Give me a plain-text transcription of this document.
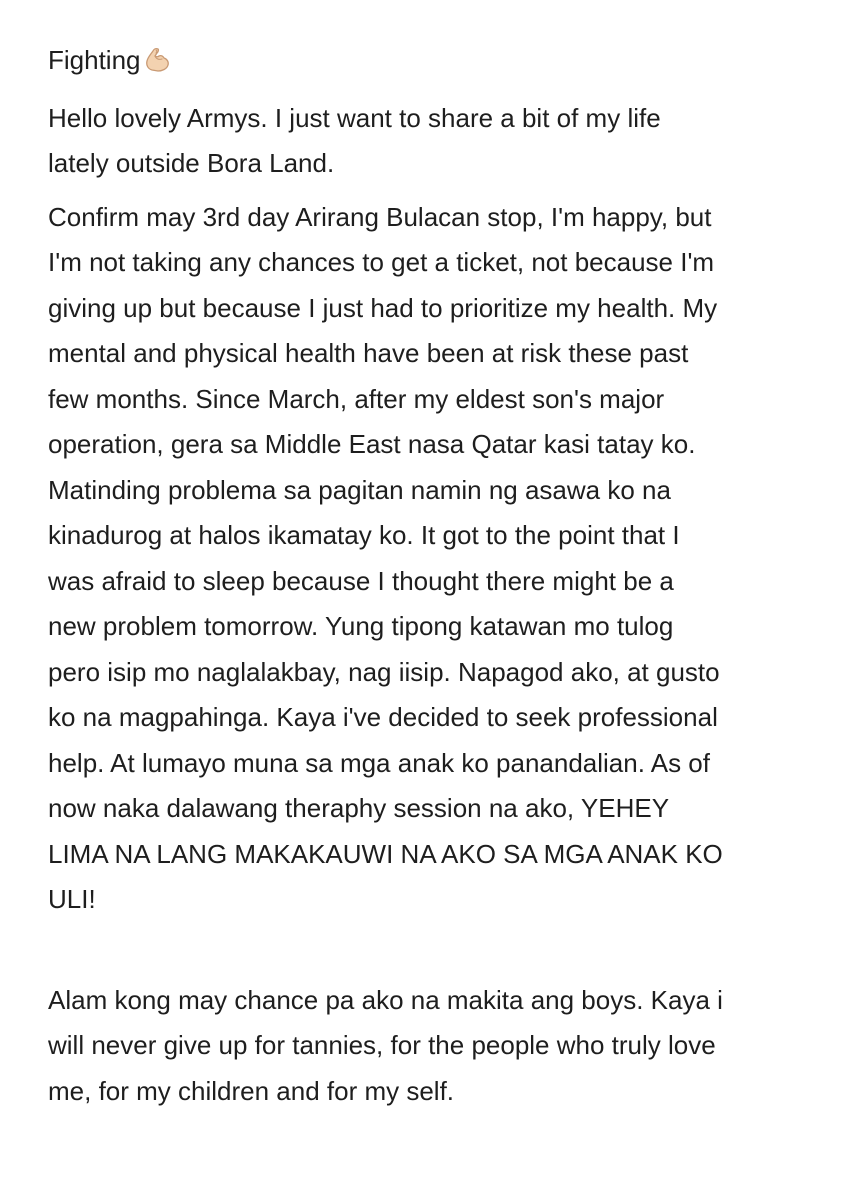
Fighting

Hello lovely Armys. I just want to share a bit of my life
lately outside Bora Land.

Confirm may 3rd day Arirang Bulacan stop, I'm happy, but
I'm not taking any chances to get a ticket, not because I'm
giving up but because I just had to prioritize my health. My
mental and physical health have been at risk these past
few months. Since March, after my eldest son's major
operation, gera sa Middle East nasa Qatar kasi tatay ko.
Matinding problema sa pagitan namin ng asawa ko na
kinadurog at halos ikamatay ko. It got to the point that I
was afraid to sleep because I thought there might be a
new problem tomorrow. Yung tipong katawan mo tulog
pero isip mo naglalakbay, nag iisip. Napagod ako, at gusto
ko na magpahinga. Kaya i've decided to seek professional
help. At lumayo muna sa mga anak ko panandalian. As of
now naka dalawang theraphy session na ako, YEHEY
LIMA NA LANG MAKAKAUWI NA AKO SA MGA ANAK KO
ULI!

Alam kong may chance pa ako na makita ang boys. Kaya i
will never give up for tannies, for the people who truly love
me, for my children and for my self.
